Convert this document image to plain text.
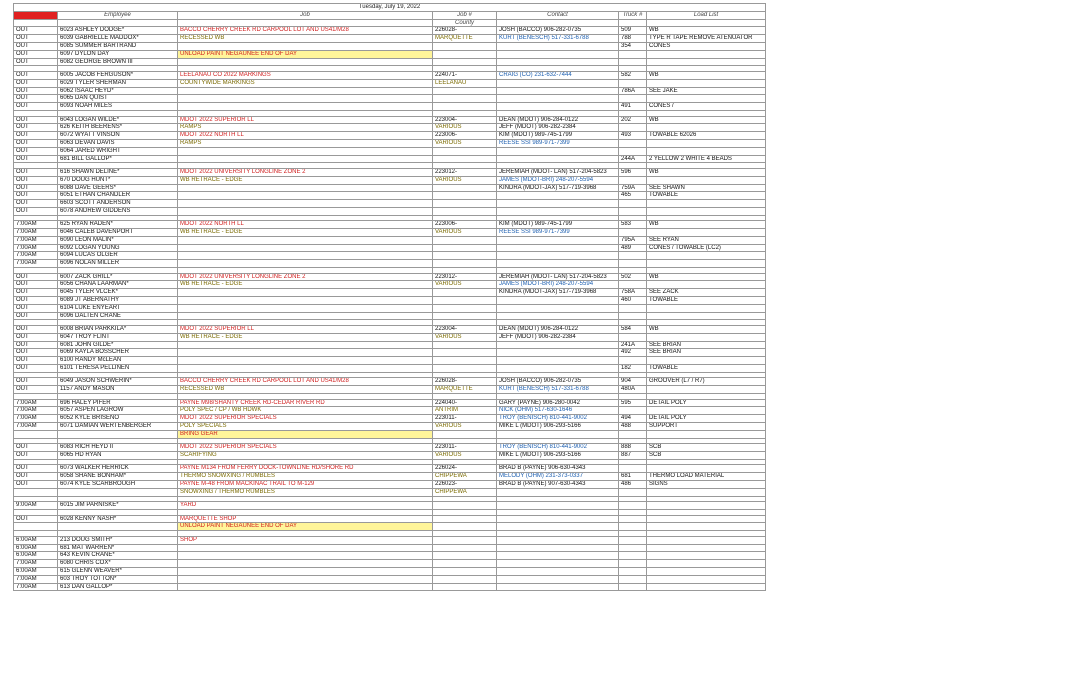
Tuesday, July 19, 2022						
Time	Employee	Job	Job #	Contact	Truck #	Load List
			County			
OUT	6023 ASHLEY DODGE*	BACCO CHERRY CREEK RD CARPOOL LOT AND US41/M28	226028-	JOSH (BACCO) 906-282-0735	509	WB
OUT	6039 GABRIELLE MADDOX*	RECESSED WB	MARQUETTE	KURT (BENESCH) 517-331-6788	788	TYPE R TAPE REMOVE ATENUATOR
OUT	6085 SUMMER BARTRAND				354	CONES
OUT	6097 DYLON DAY	UNLOAD PAINT NEGAUNEE END OF DAY				
OUT	6082 GEORGE BROWN III					

OUT	6005 JACOB FERGUSON*	LEELANAU CO 2022 MARKINGS	224071-	CRAIG (CO) 231-632-7444	582	WB
OUT	6029 TYLER SHERMAN	COUNTYWIDE MARKINGS	LEELANAU			
OUT	6062 ISAAC HEYD*				786A	SEE JAKE
OUT	6065 DAN QUIST					
OUT	6093 NOAH MILES				491	CONES /

OUT	6043 LOGAN WILDE*	MDOT 2022 SUPERIOR LL	223004-	DEAN (MDOT) 906-284-0122	202	WB
OUT	626 KEITH BEERENS*	RAMPS	VARIOUS	JEFF (MDOT) 906-282-2384		
OUT	6072 WYATT VINSON	MDOT 2022 NORTH LL	223006-	KIM (MDOT) 989-745-1799	493	TOWABLE 62026
OUT	6063 DEVAN DAVIS	RAMPS	VARIOUS	REESE SSI 989-971-7399		
OUT	6064 JARED WRIGHT					
OUT	681 BILL GALLOP*				244A	2 YELLOW 2 WHITE 4 BEADS

OUT	616 SHAWN DELINE*	MDOT 2022 UNIVERSITY LONGLINE ZONE 2	223012-	JEREMIAH (MDOT- LAN) 517-204-5823	596	WB
OUT	670 DOUG HUNT*	WB RETRACE - EDGE	VARIOUS	JAMES (MDOT-BRI) 248-207-5594		
OUT	6088 DAVE GEERS*			KINDRA (MDOT-JAX) 517-719-3968	759A	SEE SHAWN
OUT	6051 ETHAN CHANDLER				465	TOWABLE
OUT	6603 SCOTT ANDERSON					
OUT	6078 ANDREW GIDDENS					

7:00AM	625 RYAN RADEN*	MDOT 2022 NORTH LL	223006-	KIM (MDOT) 989-745-1799	583	WB
7:00AM	6046 CALEB DAVENPORT	WB RETRACE - EDGE	VARIOUS	REESE SSI 989-971-7399		
7:00AM	6090 LEON MALIN*				795A	SEE RYAN
7:00AM	6092 LOGAN YOUNG				489	CONES / TOWABLE (LC2)
7:00AM	6094 LUCAS OLGER					
7:00AM	6096 NOLAN MILLER					

OUT	6007 ZACK GRILL*	MDOT 2022 UNIVERSITY LONGLINE ZONE 2	223012-	JEREMIAH (MDOT- LAN) 517-204-5823	502	WB
OUT	6056 CHANA LAARMAN*	WB RETRACE - EDGE	VARIOUS	JAMES (MDOT-BRI) 248-207-5594		
OUT	6045 TYLER VLCEK*			KINDRA (MDOT-JAX) 517-719-3968	758A	SEE ZACK
OUT	6089 JT ABERNATHY				460	TOWABLE
OUT	6104 LUKE ENYEART					
OUT	6096 DALTEN CRANE					

OUT	6008 BRIAN PARKKILA*	MDOT 2022 SUPERIOR LL	223004-	DEAN (MDOT) 906-284-0122	584	WB
OUT	6047 TROY FLINT	WB RETRACE - EDGE	VARIOUS	JEFF (MDOT) 906-282-2384		
OUT	6081 JOHN GILDE*				241A	SEE BRIAN
OUT	6069 KAYLA BOSSCHER				492	SEE BRIAN
OUT	6100 RANDY McLEAN					
OUT	6101 TERESA PELLINEN				182	TOWABLE

OUT	6049 JASON SCHWERIN*	BACCO CHERRY CREEK RD CARPOOL LOT AND US41/M28	226028-	JOSH (BACCO) 906-282-0735	904	GROOVER (L7 / R7)
OUT	1157 ANDY MASON	RECESSED WB	MARQUETTE	KURT (BENESCH) 517-331-6788	480A	

7:00AM	696 HALEY PIFER	PAYNE M98/SHANTY CREEK RD-CEDAR RIVER RD	224040-	GARY (PAYNE) 906-280-0042	595	DETAIL POLY
7:00AM	6057 ASPEN LAGROW	POLY SPEC / CP / WB HDWK	ANTRIM	NICK (OHM) 517-630-1646		
7:00AM	6052 KYLE BRISENO	MDOT 2022 SUPERIOR SPECIALS	223011-	TROY (BENISCH) 810-441-9002	494	DETAIL POLY
7:00AM	6071 DAMIAN WERTENBERGER	POLY SPECIALS	VARIOUS	MIKE L (MDOT) 906-293-5166	488	SUPPORT
		BRING GEAR				

OUT	6083 RICH HEYD II	MDOT 2022 SUPERIOR SPECIALS	223011-	TROY (BENISCH) 810-441-9002	888	SCB
OUT	6065 HD RYAN	SCARIFYING	VARIOUS	MIKE L (MDOT) 906-293-5166	887	SCB

OUT	6073 WALKER HERRICK	PAYNE M134 FROM FERRY DOCK-TOWNLINE RD/SHORE RD	226024-	BRAD B (PAYNE) 906-630-4343		
OUT	6058 SHANE BONHAM*	THERMO SNOWXING / RUMBLES	CHIPPEWA	MELODY (OHM) 231-373-0337	681	THERMO LOAD MATERIAL
OUT	6074 KYLE SCARBROUGH	PAYNE M-48 FROM MACKINAC TRAIL TO M-129	226023-	BRAD B (PAYNE) 907-630-4343	486	SIGNS
		SNOWXING / THERMO RUMBLES	CHIPPEWA			

9:00AM	6015 JIM PARNISKE*	YARD				

OUT	6028 KENNY NASH*	MARQUETTE SHOP				
		UNLOAD PAINT NEGAUNEE END OF DAY				

6:00AM	213 DOUG SMITH*	SHOP				
6:00AM	681 MAT WARREN*					
6:00AM	643 KEVIN CRANE*					
7:00AM	6080 CHRIS COX*					
6:00AM	615 GLENN WEAVER*					
7:00AM	603 TROY TOTTON*					
7:00AM	613 DAN GALLOP*					
